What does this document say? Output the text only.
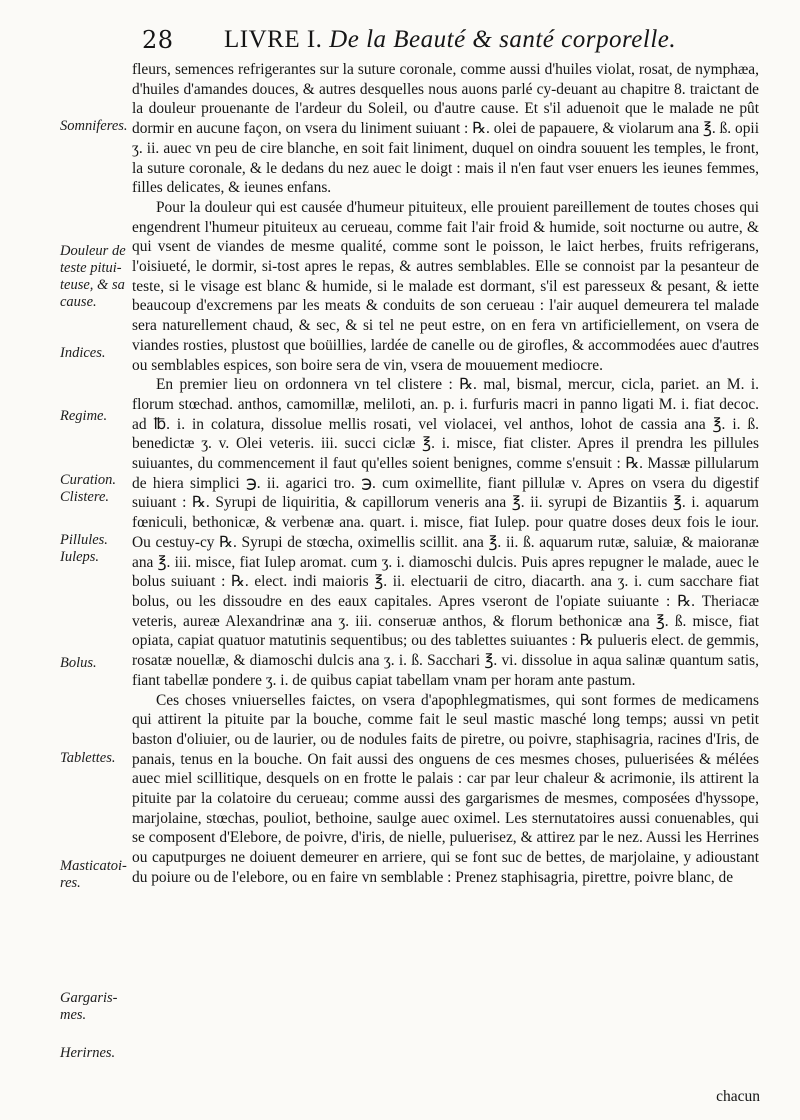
28 LIVRE I. De la Beauté & santé corporelle.
Somniferes.
Douleur de teste pitui-teuse, & sa cause.
Indices.
Regime.
Curation. Clistere.
Pillules. Iuleps.
Bolus.
Tablettes.
Masticatoi-res.
Gargaris-mes.
Herirnes.

fleurs, semences refrigerantes sur la suture coronale, comme aussi d'huiles violat, rosat, de nymphæa, d'huiles d'amandes douces, & autres desquelles nous auons parlé cy-deuant au chapitre 8. traictant de la douleur prouenante de l'ardeur du Soleil, ou d'autre cause. Et s'il aduenoit que le malade ne pût dormir en aucune façon, on vsera du liniment suiuant : ℞. olei de papauere, & violarum ana ℥. ß. opii ʒ. ii. auec vn peu de cire blanche, en soit fait liniment, duquel on oindra souuent les temples, le front, la suture coronale, & le dedans du nez auec le doigt : mais il n'en faut vser enuers les ieunes femmes, filles delicates, & ieunes enfans.

Pour la douleur qui est causée d'humeur pituiteux, elle prouient pareillement de toutes choses qui engendrent l'humeur pituiteux au cerueau, comme fait l'air froid & humide, soit nocturne ou autre, & qui vsent de viandes de mesme qualité, comme sont le poisson, le laict herbes, fruits refrigerans, l'oisiueté, le dormir, si-tost apres le repas, & autres semblables. Elle se connoist par la pesanteur de teste, si le visage est blanc & humide, si le malade est dormant, s'il est paresseux & pesant, & iette beaucoup d'excremens par les meats & conduits de son cerueau : l'air auquel demeurera tel malade sera naturellement chaud, & sec, & si tel ne peut estre, on en fera vn artificiellement, on vsera de viandes rosties, plustost que boüillies, lardée de canelle ou de girofles, & accommodées auec d'autres ou semblables espices, son boire sera de vin, vsera de mouuement mediocre.

En premier lieu on ordonnera vn tel clistere : ℞. mal, bismal, mercur, cicla, pariet. an M. i. florum stœchad. anthos, camomillæ, meliloti, an. p. i. furfuris macri in panno ligati M. i. fiat decoc. ad ℔. i. in colatura, dissolue mellis rosati, vel violacei, vel anthos, lohot de cassia ana ℥. i. ß. benedictæ ʒ. v. Olei veteris. iii. succi ciclæ ℥. i. misce, fiat clister. Apres il prendra les pillules suiuantes, du commencement il faut qu'elles soient benignes, comme s'ensuit : ℞. Massæ pillularum de hiera simplici ℈. ii. agarici tro. ℈. cum oximellite, fiant pillulæ v. Apres on vsera du digestif suiuant : ℞. Syrupi de liquiritia, & capillorum veneris ana ℥. ii. syrupi de Bizantiis ℥. i. aquarum fœniculi, bethonicæ, & verbenæ ana. quart. i. misce, fiat Iulep. pour quatre doses deux fois le iour. Ou cestuy-cy ℞. Syrupi de stœcha, oximellis scillit. ana ℥. ii. ß. aquarum rutæ, saluiæ, & maioranæ ana ℥. iii. misce, fiat Iulep aromat. cum ʒ. i. diamoschi dulcis. Puis apres repugner le malade, auec le bolus suiuant : ℞. elect. indi maioris ℥. ii. electuarii de citro, diacarth. ana ʒ. i. cum sacchare fiat bolus, ou les dissoudre en des eaux capitales. Apres vseront de l'opiate suiuante : ℞. Theriacæ veteris, aureæ Alexandrinæ ana ʒ. iii. conseruæ anthos, & florum bethonicæ ana ℥. ß. misce, fiat opiata, capiat quatuor matutinis sequentibus; ou des tablettes suiuantes : ℞ pulueris elect. de gemmis, rosatæ nouellæ, & diamoschi dulcis ana ʒ. i. ß. Sacchari ℥. vi. dissolue in aqua salinæ quantum satis, fiant tabellæ pondere ʒ. i. de quibus capiat tabellam vnam per horam ante pastum.

Ces choses vniuerselles faictes, on vsera d'apophlegmatismes, qui sont formes de medicamens qui attirent la pituite par la bouche, comme fait le seul mastic masché long temps; aussi vn petit baston d'oliuier, ou de laurier, ou de nodules faits de piretre, ou poivre, staphisagria, racines d'Iris, de panais, tenus en la bouche. On fait aussi des onguens de ces mesmes choses, puluerisées & mélées auec miel scillitique, desquels on en frotte le palais : car par leur chaleur & acrimonie, ils attirent la pituite par la colatoire du cerueau; comme aussi des gargarismes de mesmes, composées d'hyssope, marjolaine, stœchas, pouliot, bethoine, saulge auec oximel. Les sternutatoires aussi conuenables, qui se composent d'Elebore, de poivre, d'iris, de nielle, puluerisez, & attirez par le nez. Aussi les Herrines ou caputpurges ne doiuent demeurer en arriere, qui se font suc de bettes, de marjolaine, y adioustant du poiure ou de l'elebore, ou en faire vn semblable : Prenez staphisagria, pirettre, poivre blanc, de

chacun
